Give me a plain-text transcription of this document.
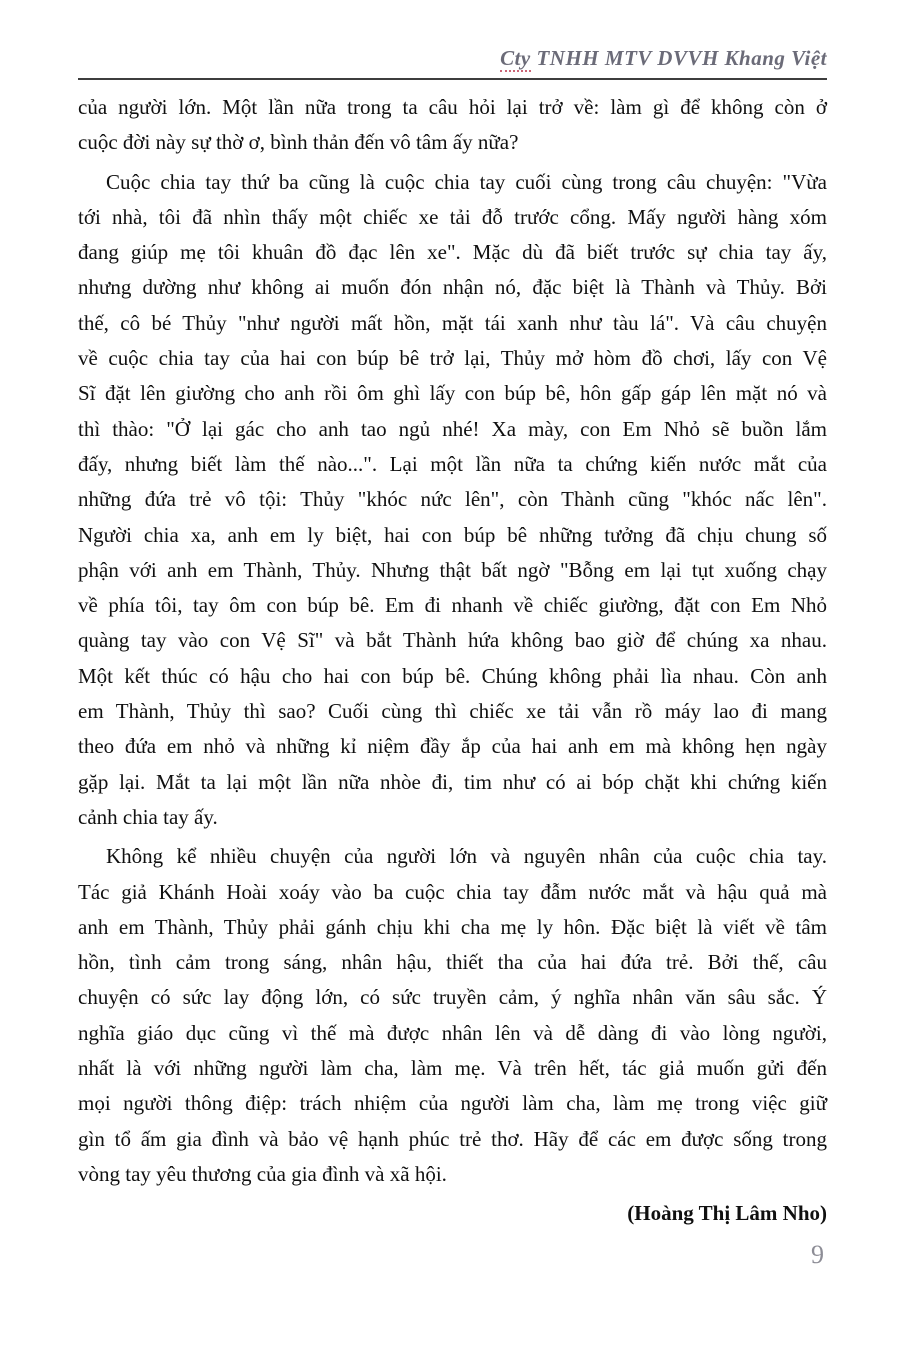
Cty TNHH MTV DVVH Khang Việt
của người lớn. Một lần nữa trong ta câu hỏi lại trở về: làm gì để không còn ở
cuộc đời này sự thờ ơ, bình thản đến vô tâm ấy nữa?
Cuộc chia tay thứ ba cũng là cuộc chia tay cuối cùng trong câu chuyện: "Vừa
tới nhà, tôi đã nhìn thấy một chiếc xe tải đỗ trước cổng. Mấy người hàng xóm
đang giúp mẹ tôi khuân đồ đạc lên xe". Mặc dù đã biết trước sự chia tay ấy,
nhưng dường như không ai muốn đón nhận nó, đặc biệt là Thành và Thủy. Bởi
thế, cô bé Thủy "như người mất hồn, mặt tái xanh như tàu lá". Và câu chuyện
về cuộc chia tay của hai con búp bê trở lại, Thủy mở hòm đồ chơi, lấy con Vệ
Sĩ đặt lên giường cho anh rồi ôm ghì lấy con búp bê, hôn gấp gáp lên mặt nó và
thì thào: "Ở lại gác cho anh tao ngủ nhé! Xa mày, con Em Nhỏ sẽ buồn lắm
đấy, nhưng biết làm thế nào...". Lại một lần nữa ta chứng kiến nước mắt của
những đứa trẻ vô tội: Thủy "khóc nức lên", còn Thành cũng "khóc nấc lên".
Người chia xa, anh em ly biệt, hai con búp bê những tưởng đã chịu chung số
phận với anh em Thành, Thủy. Nhưng thật bất ngờ "Bỗng em lại tụt xuống chạy
về phía tôi, tay ôm con búp bê. Em đi nhanh về chiếc giường, đặt con Em Nhỏ
quàng tay vào con Vệ Sĩ" và bắt Thành hứa không bao giờ để chúng xa nhau.
Một kết thúc có hậu cho hai con búp bê. Chúng không phải lìa nhau. Còn anh
em Thành, Thủy thì sao? Cuối cùng thì chiếc xe tải vẫn rồ máy lao đi mang
theo đứa em nhỏ và những kỉ niệm đầy ắp của hai anh em mà không hẹn ngày
gặp lại. Mắt ta lại một lần nữa nhòe đi, tim như có ai bóp chặt khi chứng kiến
cảnh chia tay ấy.
Không kể nhiều chuyện của người lớn và nguyên nhân của cuộc chia tay.
Tác giả Khánh Hoài xoáy vào ba cuộc chia tay đẫm nước mắt và hậu quả mà
anh em Thành, Thủy phải gánh chịu khi cha mẹ ly hôn. Đặc biệt là viết về tâm
hồn, tình cảm trong sáng, nhân hậu, thiết tha của hai đứa trẻ. Bởi thế, câu
chuyện có sức lay động lớn, có sức truyền cảm, ý nghĩa nhân văn sâu sắc. Ý
nghĩa giáo dục cũng vì thế mà được nhân lên và dễ dàng đi vào lòng người,
nhất là với những người làm cha, làm mẹ. Và trên hết, tác giả muốn gửi đến
mọi người thông điệp: trách nhiệm của người làm cha, làm mẹ trong việc giữ
gìn tổ ấm gia đình và bảo vệ hạnh phúc trẻ thơ. Hãy để các em được sống trong
vòng tay yêu thương của gia đình và xã hội.
(Hoàng Thị Lâm Nho)
9
